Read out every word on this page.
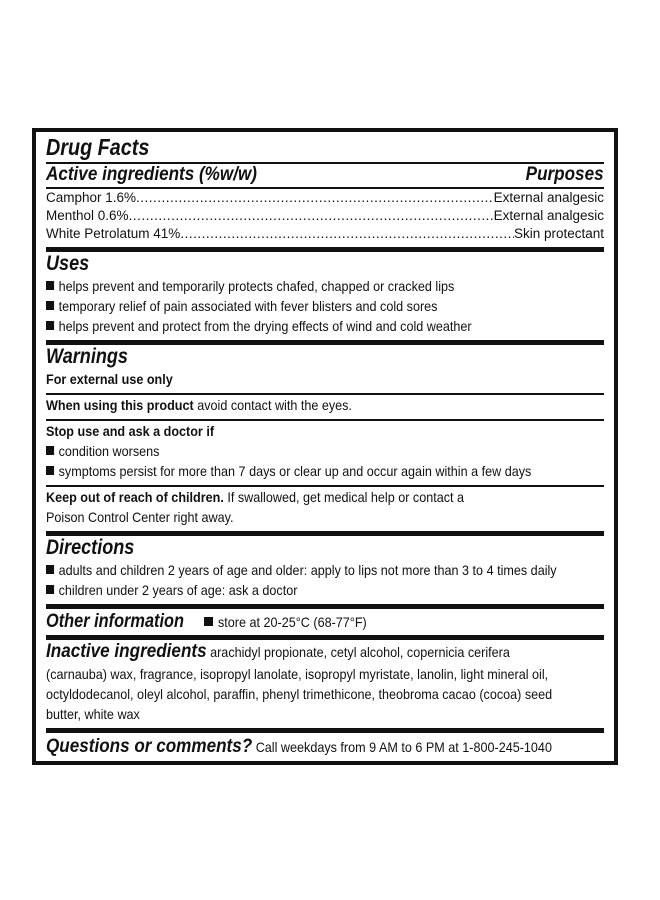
Drug Facts
Active ingredients (%w/w)	Purposes
Camphor 1.6% .....	External analgesic
Menthol 0.6% .....	External analgesic
White Petrolatum 41% .....	Skin protectant
Uses
helps prevent and temporarily protects chafed, chapped or cracked lips
temporary relief of pain associated with fever blisters and cold sores
helps prevent and protect from the drying effects of wind and cold weather
Warnings
For external use only
When using this product avoid contact with the eyes.
Stop use and ask a doctor if
condition worsens
symptoms persist for more than 7 days or clear up and occur again within a few days
Keep out of reach of children. If swallowed, get medical help or contact a
Poison Control Center right away.
Directions
adults and children 2 years of age and older: apply to lips not more than 3 to 4 times daily
children under 2 years of age: ask a doctor
Other information store at 20-25°C (68-77°F)
Inactive ingredients arachidyl propionate, cetyl alcohol, copernicia cerifera
(carnauba) wax, fragrance, isopropyl lanolate, isopropyl myristate, lanolin, light mineral oil,
octyldodecanol, oleyl alcohol, paraffin, phenyl trimethicone, theobroma cacao (cocoa) seed
butter, white wax
Questions or comments? Call weekdays from 9 AM to 6 PM at 1-800-245-1040
